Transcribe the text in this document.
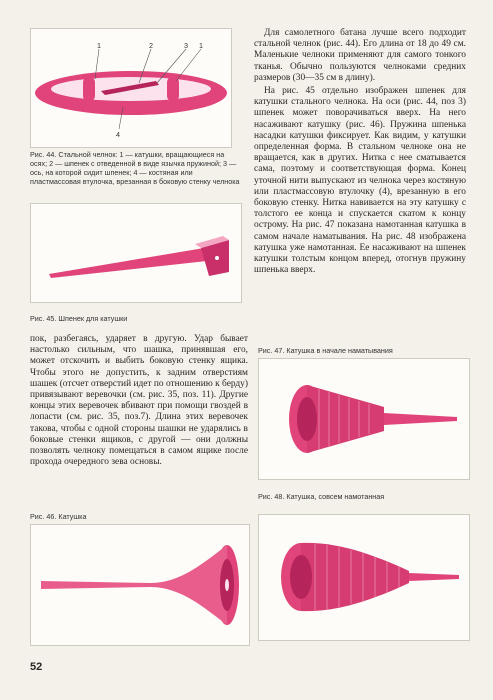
1	2	3 1
4
Рис. 44. Стальной челнок: 1 — катушки, вращающиеся на осях; 2 — шпенек с отведенной в виде язычка пружиной; 3 — ось, на которой сидит шпенек; 4 — костяная или пластмассовая втулочка, врезанная в боковую стенку челнока
Рис. 45. Шпенек для катушки

Для самолетного батана лучше всего подходит стальной челнок (рис. 44). Его длина от 18 до 49 см. Маленькие челноки применяют для самого тонкого тканья. Обычно пользуются челноками средних размеров (30—35 см в длину).

На рис. 45 отдельно изображен шпенек для катушки стального челнока. На оси (рис. 44, поз 3) шпенек может поворачиваться вверх. На него насаживают катушку (рис. 46). Пружина шпенька насадки катушки фиксирует. Как видим, у катушки определенная форма. В стальном челноке она не вращается, как в других. Нитка с нее сматывается сама, поэтому и соответствующая форма. Конец уточной нити выпускают из челнока через костяную или пластмассовую втулочку (4), врезанную в его боковую стенку. Нитка навивается на эту катушку с толстого ее конца и спускается скатом к концу острому. На рис. 47 показана намотанная катушка в самом начале наматывания. На рис. 48 изображена катушка уже намотанная. Ее насаживают на шпенек катушки толстым концом вперед, отогнув пружину шпенька вверх.

пок, разбегаясь, ударяет в другую. Удар бывает настолько сильным, что шашка, принявшая его, может отскочить и выбить боковую стенку ящика. Чтобы этого не допустить, к задним отверстиям шашек (отсчет отверстий идет по отношению к берду) привязывают веревочки (см. рис. 35, поз. 11). Другие концы этих веревочек вбивают при помощи гвоздей в лопасти (см. рис. 35, поз.7). Длина этих веревочек такова, чтобы с одной стороны шашки не ударялись в боковые стенки ящиков, с другой — они должны позволять челноку помещаться в самом ящике после прохода очередного зева основы.

Рис. 47. Катушка в начале наматывания
Рис. 48. Катушка, совсем намотанная
Рис. 46. Катушка
52
